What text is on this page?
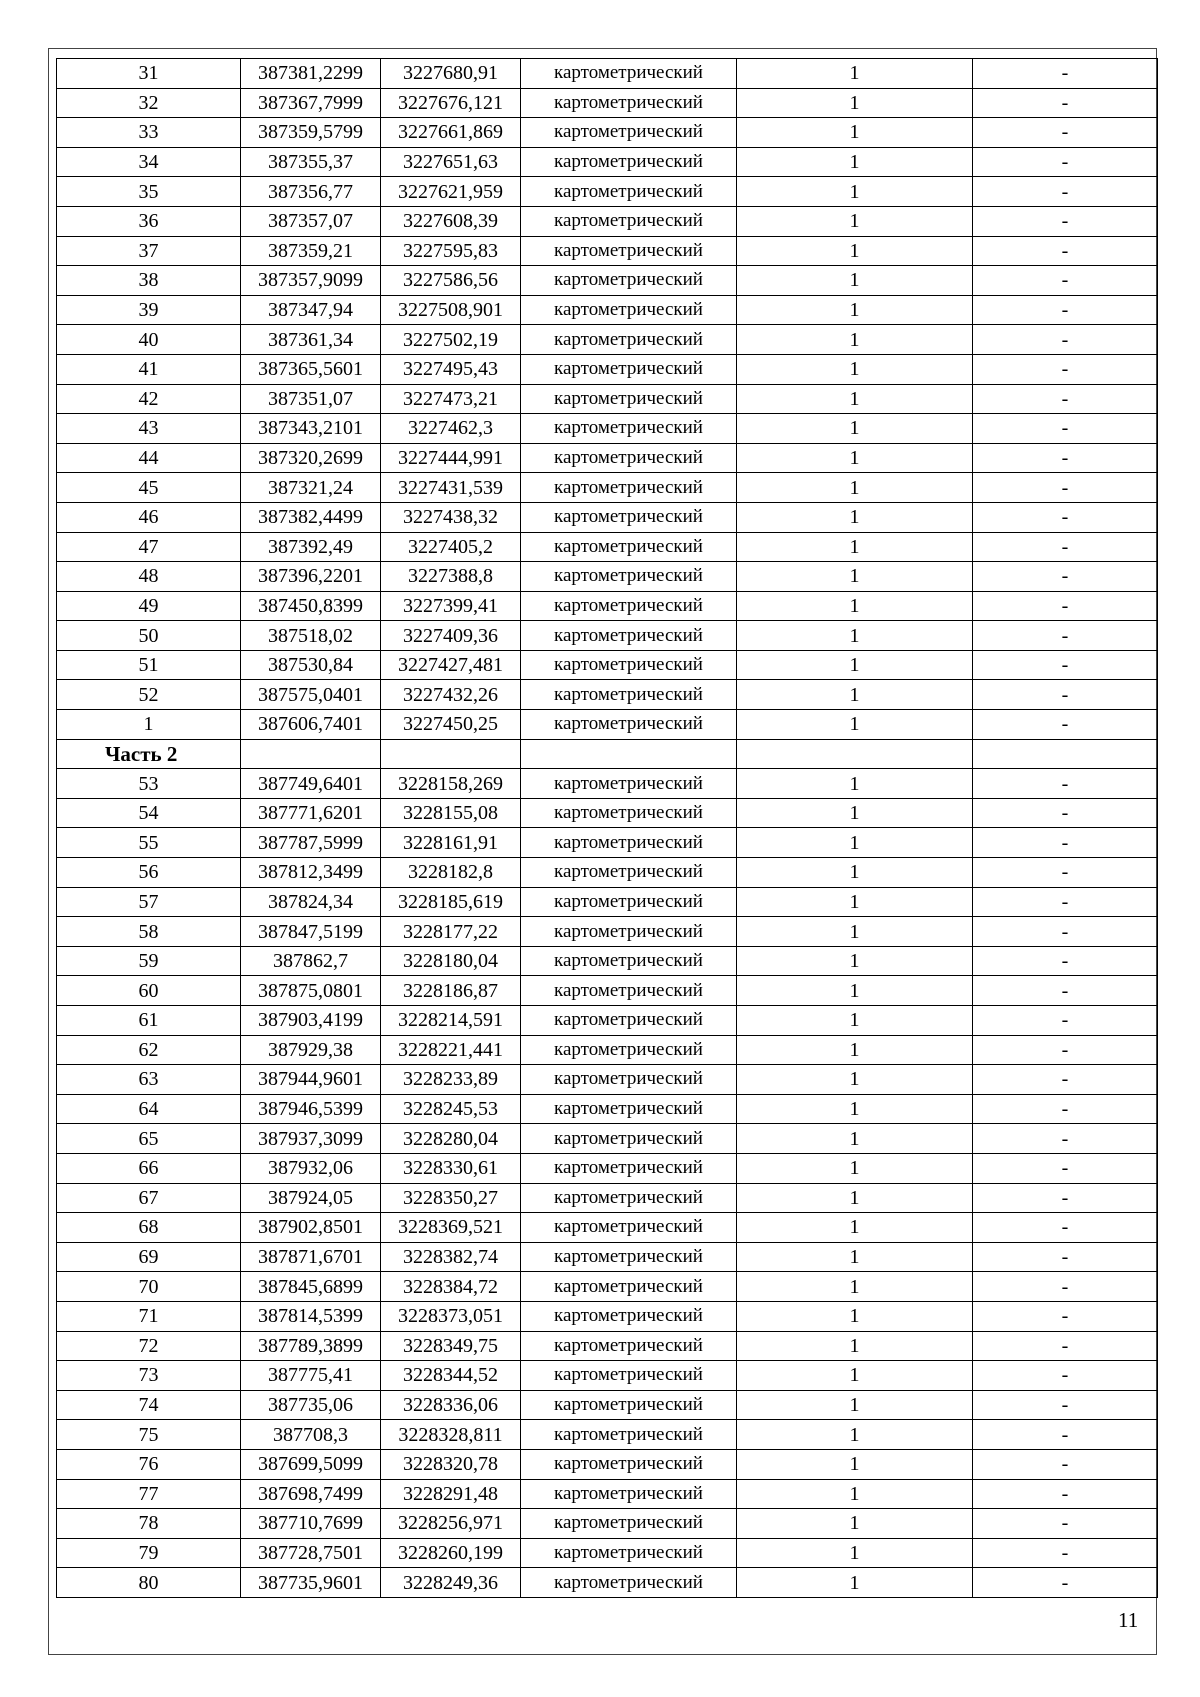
31	387381,2299	3227680,91	картометрический	1	-
32	387367,7999	3227676,121	картометрический	1	-
33	387359,5799	3227661,869	картометрический	1	-
34	387355,37	3227651,63	картометрический	1	-
35	387356,77	3227621,959	картометрический	1	-
36	387357,07	3227608,39	картометрический	1	-
37	387359,21	3227595,83	картометрический	1	-
38	387357,9099	3227586,56	картометрический	1	-
39	387347,94	3227508,901	картометрический	1	-
40	387361,34	3227502,19	картометрический	1	-
41	387365,5601	3227495,43	картометрический	1	-
42	387351,07	3227473,21	картометрический	1	-
43	387343,2101	3227462,3	картометрический	1	-
44	387320,2699	3227444,991	картометрический	1	-
45	387321,24	3227431,539	картометрический	1	-
46	387382,4499	3227438,32	картометрический	1	-
47	387392,49	3227405,2	картометрический	1	-
48	387396,2201	3227388,8	картометрический	1	-
49	387450,8399	3227399,41	картометрический	1	-
50	387518,02	3227409,36	картометрический	1	-
51	387530,84	3227427,481	картометрический	1	-
52	387575,0401	3227432,26	картометрический	1	-
1	387606,7401	3227450,25	картометрический	1	-
Часть 2					
53	387749,6401	3228158,269	картометрический	1	-
54	387771,6201	3228155,08	картометрический	1	-
55	387787,5999	3228161,91	картометрический	1	-
56	387812,3499	3228182,8	картометрический	1	-
57	387824,34	3228185,619	картометрический	1	-
58	387847,5199	3228177,22	картометрический	1	-
59	387862,7	3228180,04	картометрический	1	-
60	387875,0801	3228186,87	картометрический	1	-
61	387903,4199	3228214,591	картометрический	1	-
62	387929,38	3228221,441	картометрический	1	-
63	387944,9601	3228233,89	картометрический	1	-
64	387946,5399	3228245,53	картометрический	1	-
65	387937,3099	3228280,04	картометрический	1	-
66	387932,06	3228330,61	картометрический	1	-
67	387924,05	3228350,27	картометрический	1	-
68	387902,8501	3228369,521	картометрический	1	-
69	387871,6701	3228382,74	картометрический	1	-
70	387845,6899	3228384,72	картометрический	1	-
71	387814,5399	3228373,051	картометрический	1	-
72	387789,3899	3228349,75	картометрический	1	-
73	387775,41	3228344,52	картометрический	1	-
74	387735,06	3228336,06	картометрический	1	-
75	387708,3	3228328,811	картометрический	1	-
76	387699,5099	3228320,78	картометрический	1	-
77	387698,7499	3228291,48	картометрический	1	-
78	387710,7699	3228256,971	картометрический	1	-
79	387728,7501	3228260,199	картометрический	1	-
80	387735,9601	3228249,36	картометрический	1	-
11
